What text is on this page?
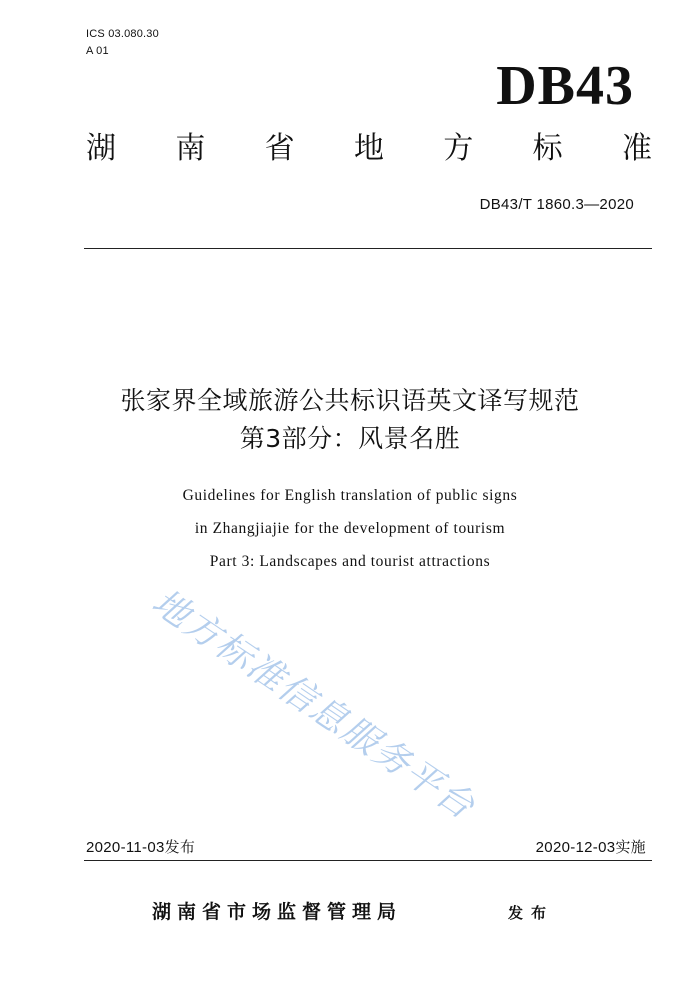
ICS 03.080.30
A 01
DB43
湖 南 省 地 方 标 准
DB43/T 1860.3—2020
张家界全域旅游公共标识语英文译写规范
第3部分：风景名胜
Guidelines for English translation of public signs
in Zhangjiajie for the development of tourism
Part 3: Landscapes and tourist attractions
地方标准信息服务平台
2020-11-03发布	2020-12-03实施
湖南省市场监督管理局	发布
